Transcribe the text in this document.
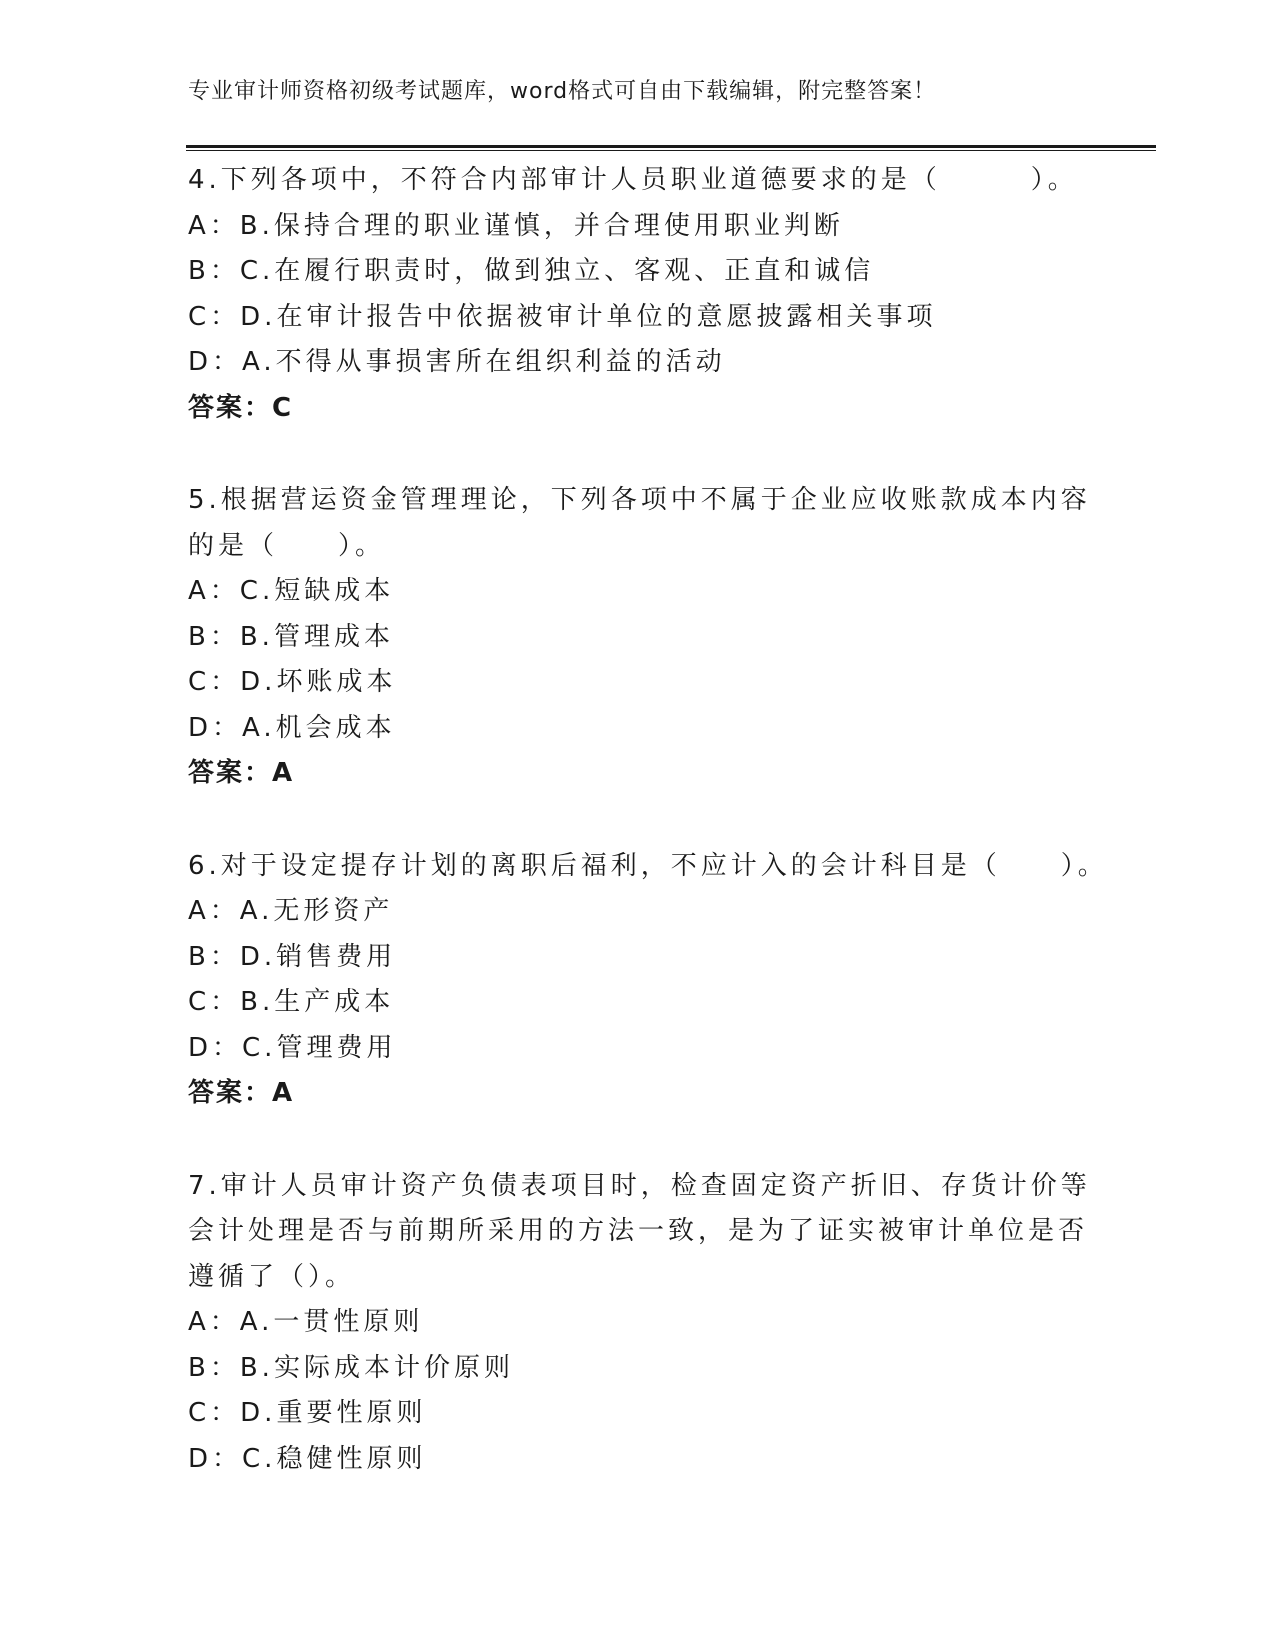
专业审计师资格初级考试题库，word格式可自由下载编辑，附完整答案！
4.下列各项中，不符合内部审计人员职业道德要求的是（　　　）。
A：B.保持合理的职业谨慎，并合理使用职业判断
B：C.在履行职责时，做到独立、客观、正直和诚信
C：D.在审计报告中依据被审计单位的意愿披露相关事项
D：A.不得从事损害所在组织利益的活动
答案：C
5.根据营运资金管理理论，下列各项中不属于企业应收账款成本内容
的是（　　）。
A：C.短缺成本
B：B.管理成本
C：D.坏账成本
D：A.机会成本
答案：A
6.对于设定提存计划的离职后福利，不应计入的会计科目是（　　）。
A：A.无形资产
B：D.销售费用
C：B.生产成本
D：C.管理费用
答案：A
7.审计人员审计资产负债表项目时，检查固定资产折旧、存货计价等
会计处理是否与前期所采用的方法一致，是为了证实被审计单位是否
遵循了（）。
A：A.一贯性原则
B：B.实际成本计价原则
C：D.重要性原则
D：C.稳健性原则
